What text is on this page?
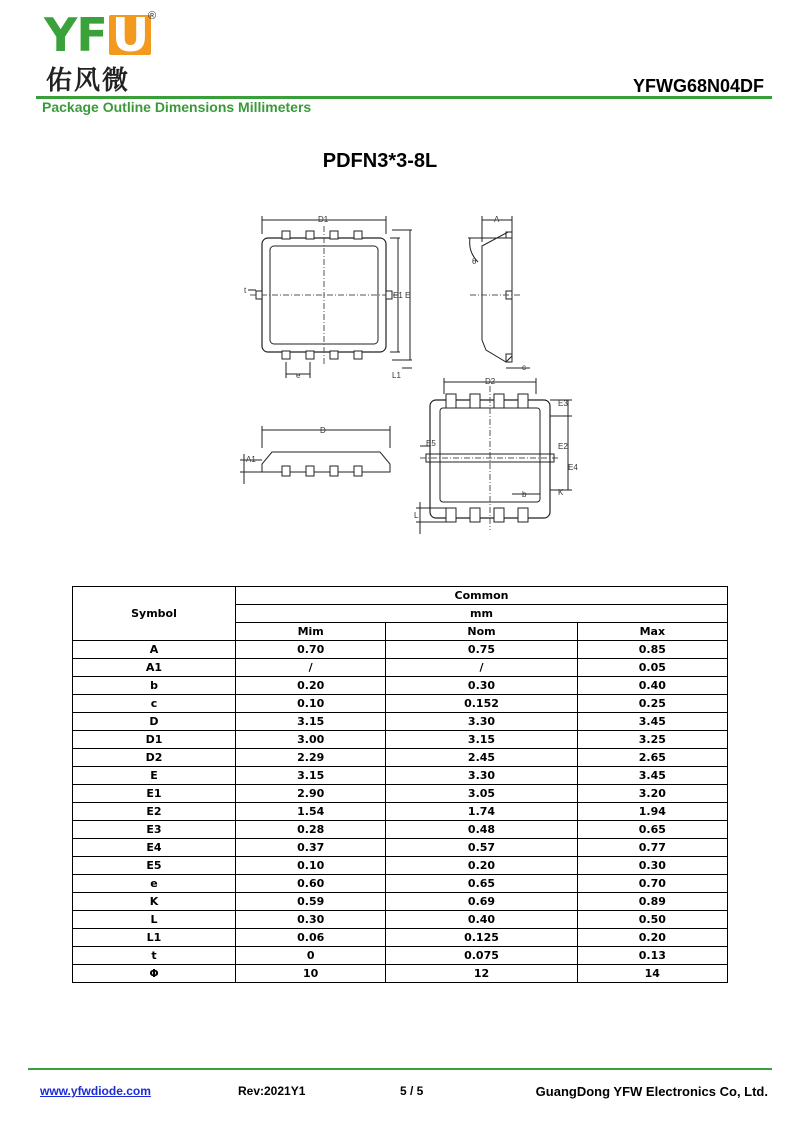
YF U ®
佑风微	YFWG68N04DF
Package Outline Dimensions Millimeters
PDFN3*3-8L
D1
E1 E
t
e	L1
A
θ
c
D
A1
D2
E3
E5	E2
E4
K
b
L
Symbol	Common		
	mm		
	Mim	Nom	Max
A	0.70	0.75	0.85
A1	/	/	0.05
b	0.20	0.30	0.40
c	0.10	0.152	0.25
D	3.15	3.30	3.45
D1	3.00	3.15	3.25
D2	2.29	2.45	2.65
E	3.15	3.30	3.45
E1	2.90	3.05	3.20
E2	1.54	1.74	1.94
E3	0.28	0.48	0.65
E4	0.37	0.57	0.77
E5	0.10	0.20	0.30
e	0.60	0.65	0.70
K	0.59	0.69	0.89
L	0.30	0.40	0.50
L1	0.06	0.125	0.20
t	0	0.075	0.13
Φ	10	12	14
www.yfwdiode.com	Rev:2021Y1	5 / 5	GuangDong YFW Electronics Co, Ltd.
